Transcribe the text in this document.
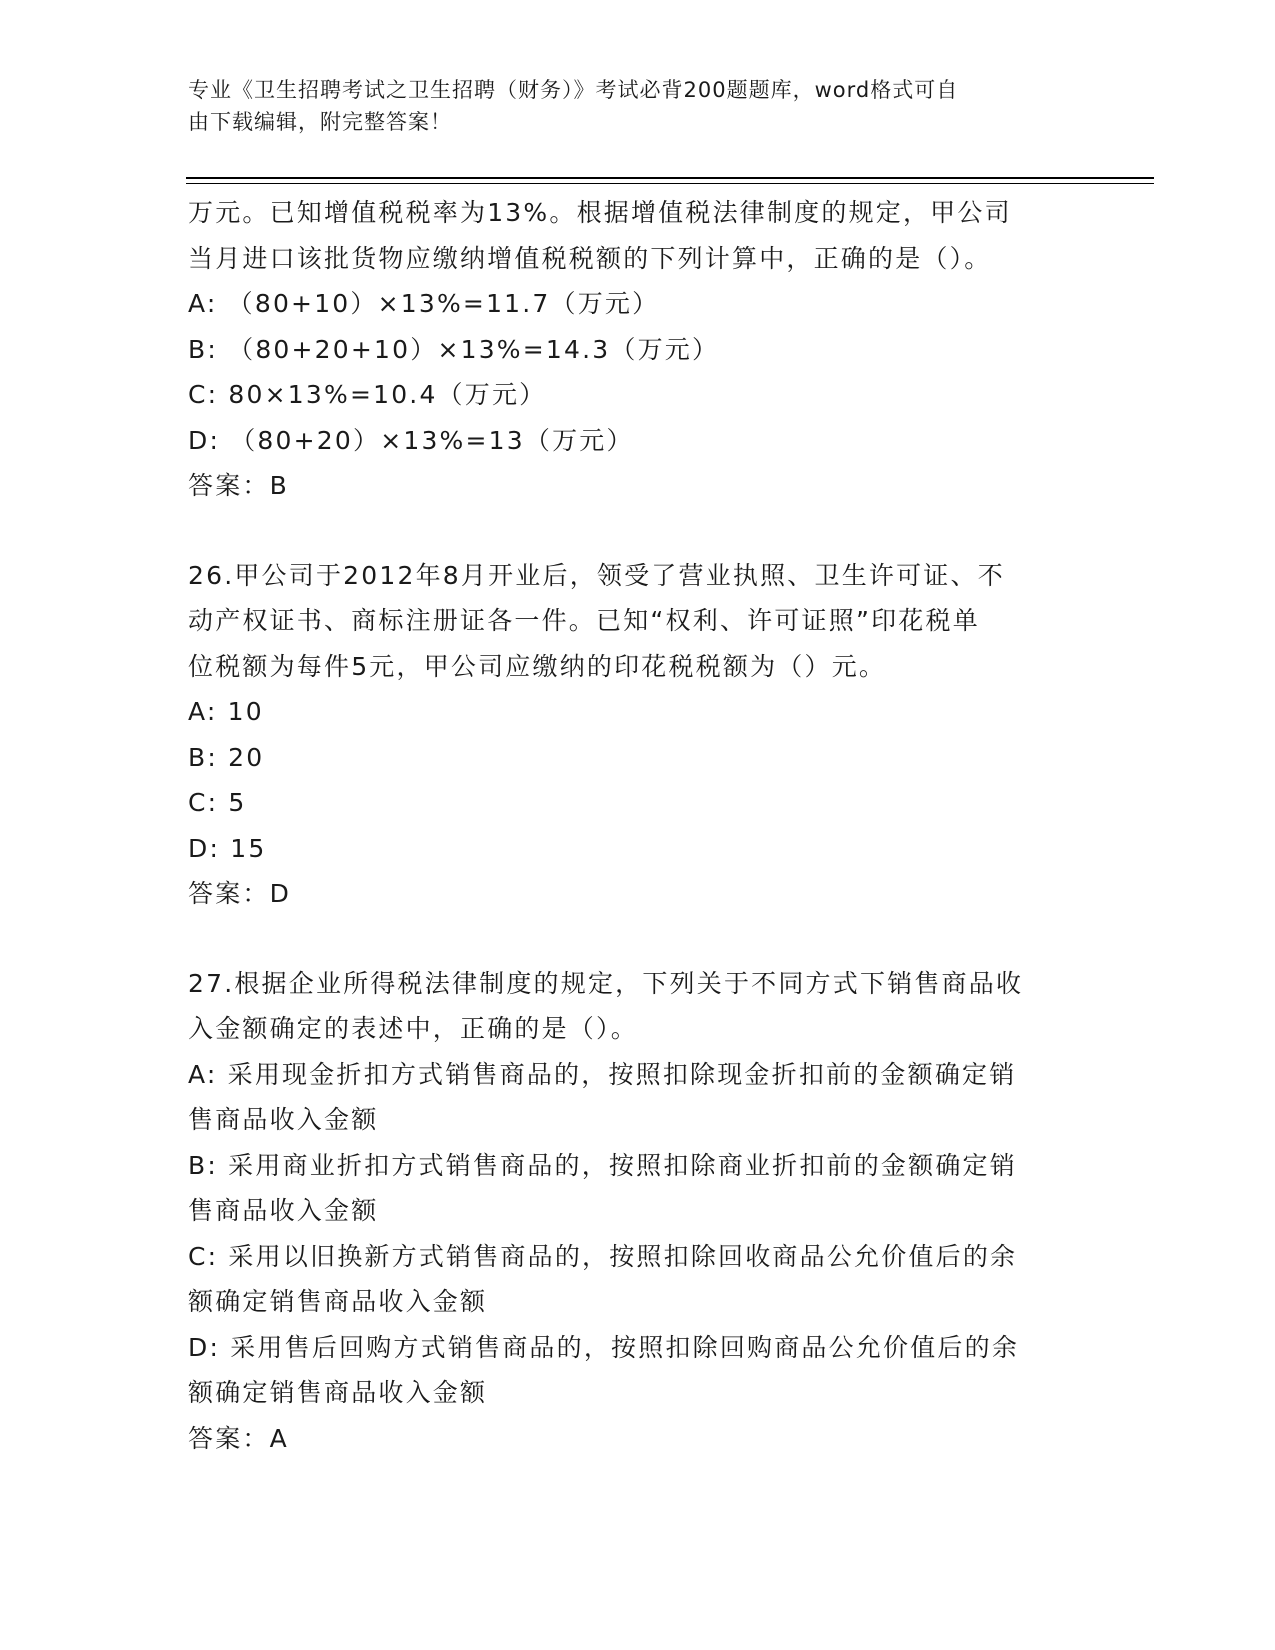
专业《卫生招聘考试之卫生招聘（财务）》考试必背200题题库，word格式可自
由下载编辑，附完整答案！
万元。已知增值税税率为13%。根据增值税法律制度的规定，甲公司
当月进口该批货物应缴纳增值税税额的下列计算中，正确的是（）。
A: （80+10）×13%=11.7（万元）
B: （80+20+10）×13%=14.3（万元）
C: 80×13%=10.4（万元）
D: （80+20）×13%=13（万元）
答案：B
26.甲公司于2012年8月开业后，领受了营业执照、卫生许可证、不
动产权证书、商标注册证各一件。已知“权利、许可证照”印花税单
位税额为每件5元，甲公司应缴纳的印花税税额为（）元。
A: 10
B: 20
C: 5
D: 15
答案：D
27.根据企业所得税法律制度的规定，下列关于不同方式下销售商品收
入金额确定的表述中，正确的是（）。
A: 采用现金折扣方式销售商品的，按照扣除现金折扣前的金额确定销
售商品收入金额
B: 采用商业折扣方式销售商品的，按照扣除商业折扣前的金额确定销
售商品收入金额
C: 采用以旧换新方式销售商品的，按照扣除回收商品公允价值后的余
额确定销售商品收入金额
D: 采用售后回购方式销售商品的，按照扣除回购商品公允价值后的余
额确定销售商品收入金额
答案：A
